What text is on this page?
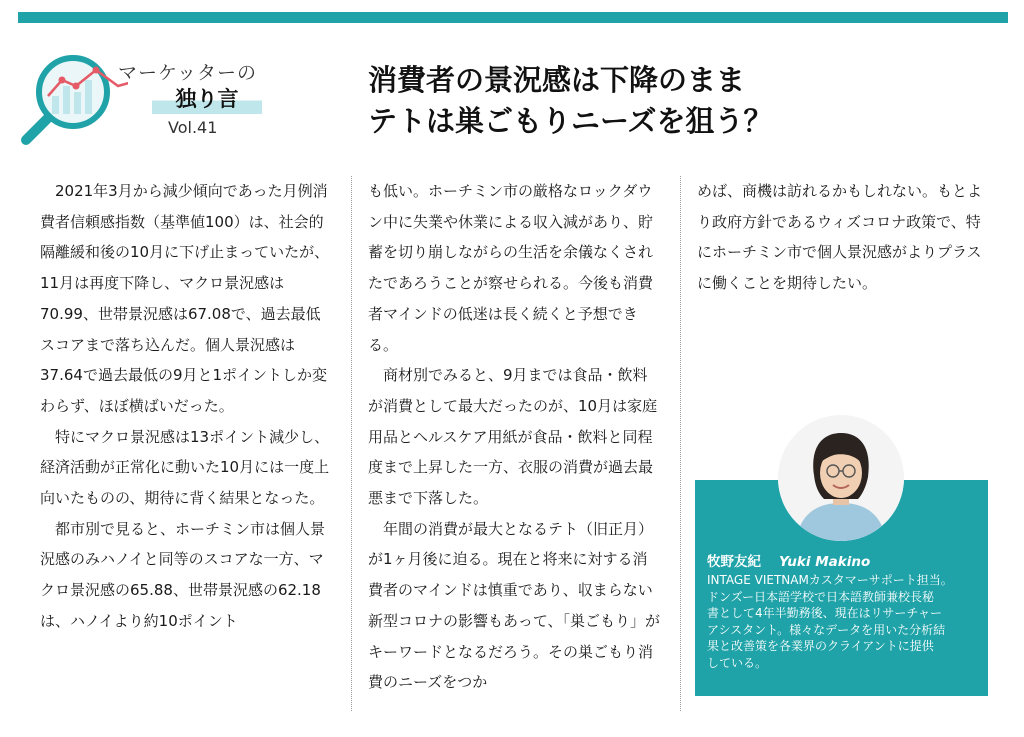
マーケッターの
独り言
Vol.41
消費者の景況感は下降のまま
テトは巣ごもりニーズを狙う？

2021年3月から減少傾向であった月例消費者信頼感指数（基準値100）は、社会的隔離緩和後の10月に下げ止まっていたが、11月は再度下降し、マクロ景況感は70.99、世帯景況感は67.08で、過去最低スコアまで落ち込んだ。個人景況感は37.64で過去最低の9月と1ポイントしか変わらず、ほぼ横ばいだった。

特にマクロ景況感は13ポイント減少し、経済活動が正常化に動いた10月には一度上向いたものの、期待に背く結果となった。

都市別で見ると、ホーチミン市は個人景況感のみハノイと同等のスコアな一方、マクロ景況感の65.88、世帯景況感の62.18は、ハノイより約10ポイント

も低い。ホーチミン市の厳格なロックダウン中に失業や休業による収入減があり、貯蓄を切り崩しながらの生活を余儀なくされたであろうことが察せられる。今後も消費者マインドの低迷は長く続くと予想できる。

商材別でみると、9月までは食品・飲料が消費として最大だったのが、10月は家庭用品とヘルスケア用紙が食品・飲料と同程度まで上昇した一方、衣服の消費が過去最悪まで下落した。

年間の消費が最大となるテト（旧正月）が1ヶ月後に迫る。現在と将来に対する消費者のマインドは慎重であり、収まらない新型コロナの影響もあって、「巣ごもり」がキーワードとなるだろう。その巣ごもり消費のニーズをつか

めば、商機は訪れるかもしれない。もとより政府方針であるウィズコロナ政策で、特にホーチミン市で個人景況感がよりプラスに働くことを期待したい。

牧野友紀 Yuki Makino
INTAGE VIETNAMカスタマーサポート担当。
ドンズー日本語学校で日本語教師兼校長秘
書として4年半勤務後、現在はリサーチャー
アシスタント。様々なデータを用いた分析結
果と改善策を各業界のクライアントに提供
している。
